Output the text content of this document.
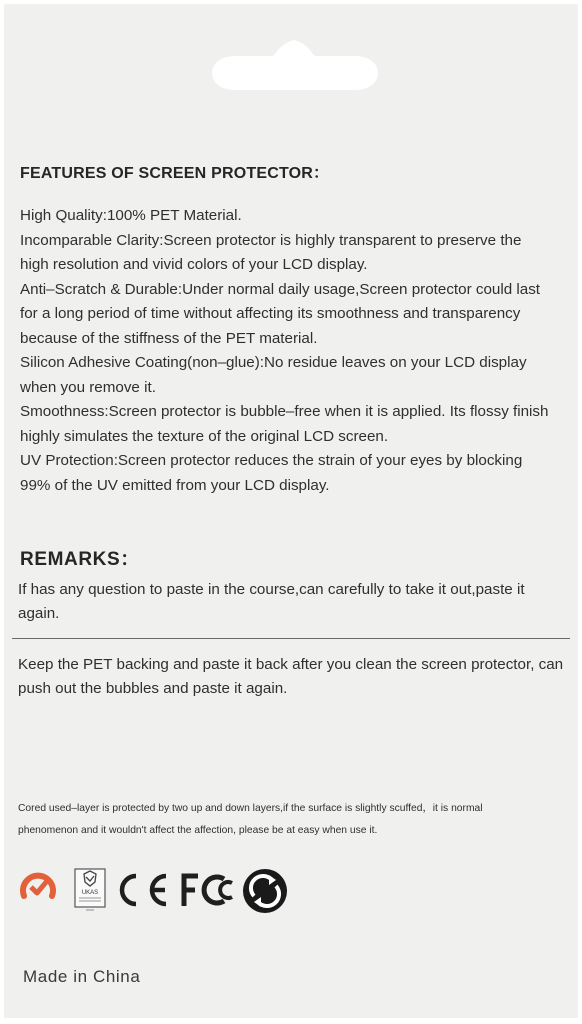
FEATURES OF SCREEN PROTECTOR：
High Quality:100% PET Material.
Incomparable Clarity:Screen protector is highly transparent to preserve the high resolution and vivid colors of your LCD display.
Anti–Scratch & Durable:Under normal daily usage,Screen protector could last for a long period of time without affecting its smoothness and transparency because of the stiffness of the PET material.
Silicon Adhesive Coating(non–glue):No residue leaves on your LCD display when you remove it.
Smoothness:Screen protector is bubble–free when it is applied. Its flossy finish highly simulates the texture of the original LCD screen.
UV Protection:Screen protector reduces the strain of your eyes by blocking 99% of the UV emitted from your LCD display.
REMARKS：
If has any question to paste in the course,can carefully to take it out,paste it again.
Keep the PET backing and paste it back after you clean the screen protector, can push out the bubbles and paste it again.
Cored used–layer is protected by two up and down layers,if the surface is slightly scuffed，it is normal phenomenon and it wouldn't affect the affection, please be at easy when use it.
UKAS
Made in China
